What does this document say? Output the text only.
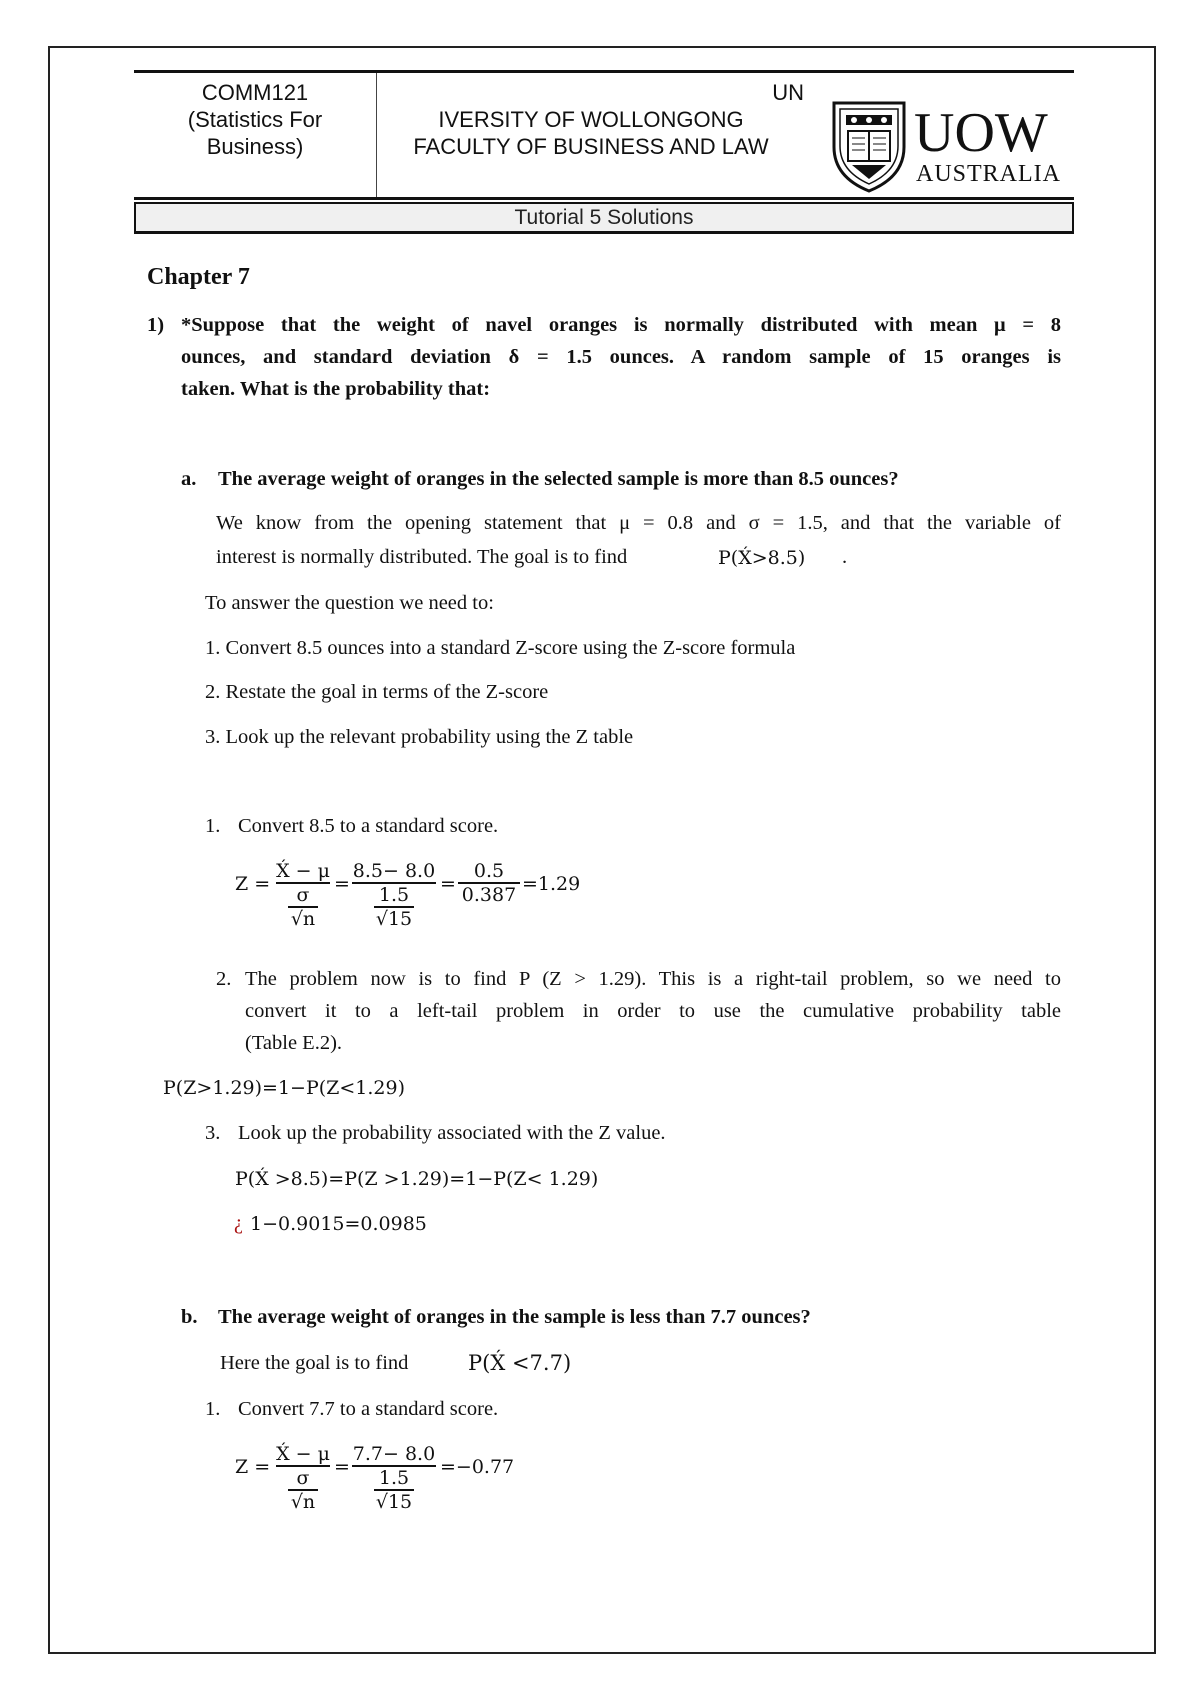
COMM121
(Statistics For
Business)
UN
IVERSITY OF WOLLONGONG
FACULTY OF BUSINESS AND LAW	UOW
AUSTRALIA
Tutorial 5 Solutions
Chapter 7
1) *Suppose that the weight of navel oranges is normally distributed with mean μ = 8
ounces, and standard deviation δ = 1.5 ounces. A random sample of 15 oranges is
taken. What is the probability that:
a. The average weight of oranges in the selected sample is more than 8.5 ounces?
We know from the opening statement that μ = 0.8 and σ = 1.5, and that the variable of
interest is normally distributed. The goal is to find	P(X́>8.5) .
To answer the question we need to:
1. Convert 8.5 ounces into a standard Z-score using the Z-score formula
2. Restate the goal in terms of the Z-score
3. Look up the relevant probability using the Z table
1. Convert 8.5 to a standard score.
Z =
X́ − μ
σ
√n
=
8.5− 8.0
1.5
√15
= $\frac{0.5}{0.387} =1.29$
2. The problem now is to find P (Z > 1.29). This is a right-tail problem, so we need to
convert it to a left-tail problem in order to use the cumulative probability table
(Table E.2).
P(Z>1.29)=1−P(Z<1.29)
3. Look up the probability associated with the Z value.
P(X́ >8.5)=P(Z >1.29)=1−P(Z< 1.29)
¿ 1−0.9015=0.0985
b. The average weight of oranges in the sample is less than 7.7 ounces?
Here the goal is to find	P(X́ <7.7)
1. Convert 7.7 to a standard score.
Z =
X́ − μ
σ
√n
=
7.7− 8.0
1.5
√15
=−0.77
